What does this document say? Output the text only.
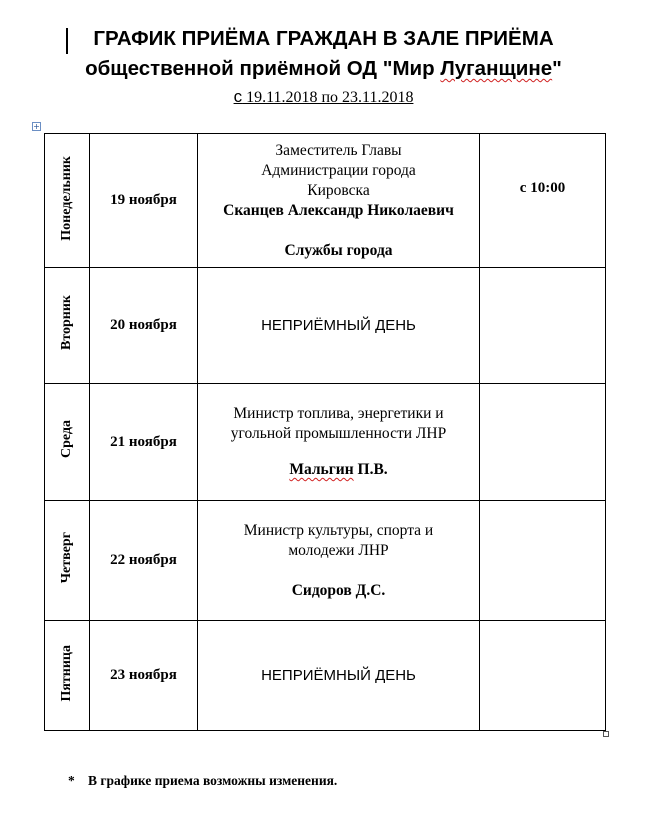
ГРАФИК ПРИЁМА ГРАЖДАН В ЗАЛЕ ПРИЁМА
общественной приёмной ОД "Мир Луганщине"
с 19.11.2018 по 23.11.2018
+
Понедельник	19 ноября	Заместитель Главы
Администрации города
Кировска
Сканцев Александр Николаевич
Службы города	с 10:00
Вторник	20 ноября	НЕПРИЁМНЫЙ ДЕНЬ	
Среда	21 ноября	Министр топлива, энергетики и
угольной промышленности ЛНР
Мальгин П.В.	

Четверг	22 ноября	Министр культуры, спорта и
молодежи ЛНР
Сидоров Д.С.	

Пятница	23 ноября	НЕПРИЁМНЫЙ ДЕНЬ	
* В графике приема возможны изменения.
